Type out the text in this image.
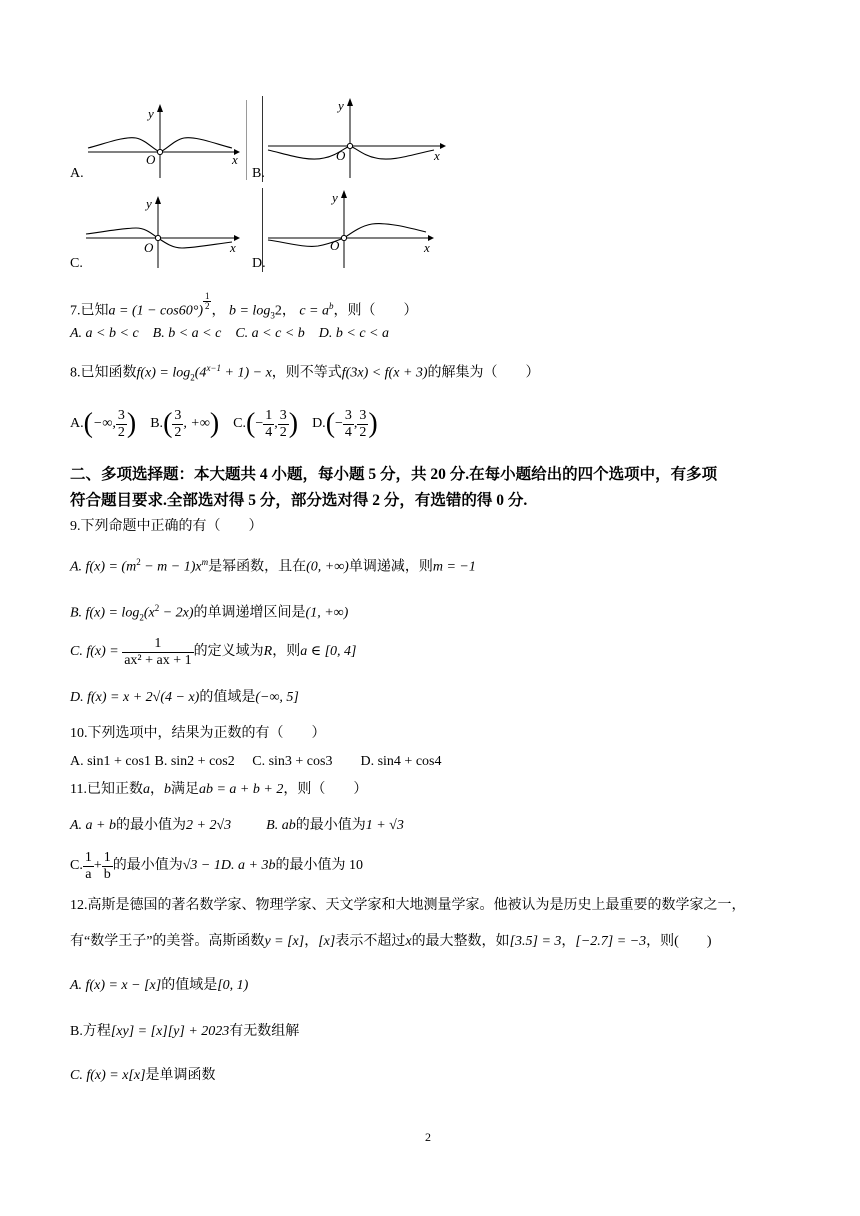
A.
y
O	x
B.
y
O	x
C.
y
O	x
D.
y
O	x
7.已知a = (1 − cos60°)
$\frac{1}{2}$
， $b = \log_32$， $c = a^b$，则（　　）
A. a < b < c　B. b < a < c　C. a < c < b　D. b < c < a
8.已知函数$f(x) = \log_2(4^{x-1} + 1) - x$，则不等式f(3x) < f(x + 3)的解集为（　　）
A. ( −∞, $\frac{3}{2}$ ) B. ( $\frac{3}{2}$ , +∞ ) C. ( − $\frac{1}{4}$ , $\frac{3}{2}$ ) D. ( − $\frac{3}{4}$ , $\frac{3}{2}$ )
二、多项选择题：本大题共 4 小题，每小题 5 分，共 20 分.在每小题给出的四个选项中，有多项
符合题目要求.全部选对得 5 分，部分选对得 2 分，有选错的得 0 分.
9.下列命题中正确的有（　　）
A. $f(x) = (m^2 - m - 1)x^m$是幂函数，且在(0, +∞)单调递减，则m = −1
B. $f(x) = \log_2(x^2 - 2x)$的单调递增区间是(1, +∞)
C. f(x) =
$\frac{1}{\text{ax² + ax + 1}}$ 的定义域为 R ，则 a ∈ [0, 4]
D. f(x) = x + 2√(4 − x)的值域是(−∞, 5]
10.下列选项中，结果为正数的有（　　）
A. sin1 + cos1 B. sin2 + cos2　 C. sin3 + cos3　　D. sin4 + cos4
11.已知正数a，b满足ab = a + b + 2，则（　　）
A. a + b的最小值为2 + 2√3	B. ab的最小值为1 + √3
C. $\frac{1}{a} + \frac{1}{b}$ 的最小值为 √3 − 1 D. a + 3b 的最小值为 10
12.高斯是德国的著名数学家、物理学家、天文学家和大地测量学家。他被认为是历史上最重要的数学家之一，
有“数学王子”的美誉。高斯函数y = [x]，[x]表示不超过x的最大整数，如[3.5] = 3，[−2.7] = −3，则(　　)
A. f(x) = x − [x]的值域是[0, 1)
B.方程[xy] = [x][y] + 2023有无数组解
C. f(x) = x[x]是单调函数
2
